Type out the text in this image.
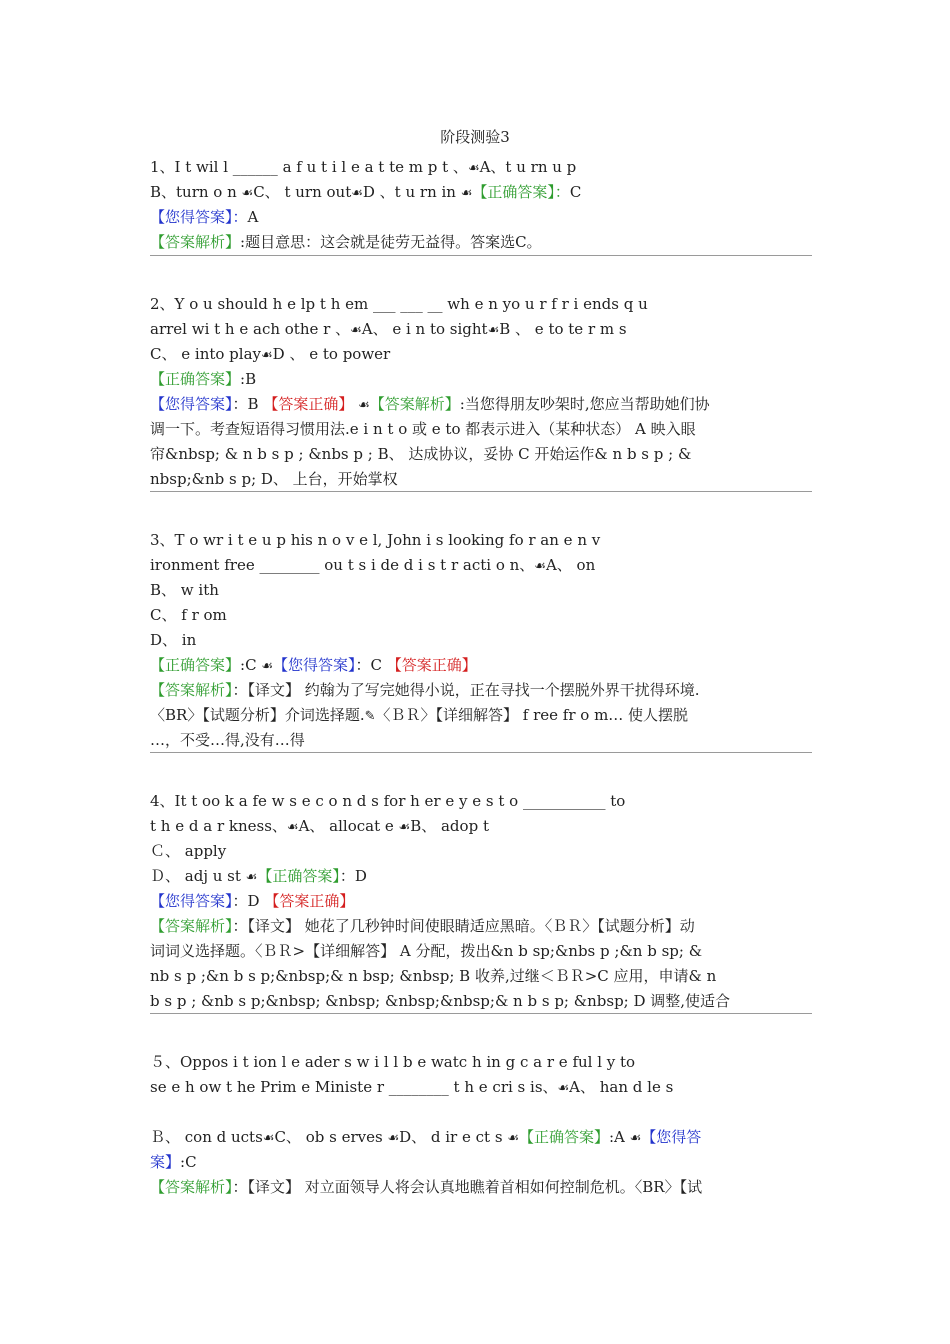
阶段测验3
1、I t wil l ______ a f u t i l e a t te m p t 、☙A、t u rn u p
B、turn o n ☙C、 t urn out☙D 、t u rn in ☙【正确答案】：C
【您得答案】：A
【答案解析】:题目意思：这会就是徒劳无益得。答案选C。
2、Y o u should h e lp t h em ___ ___ __ wh e n yo u r f r i ends q u
arrel wi t h e ach othe r 、☙A、 e i n to sight☙B 、 e to te r m s
C、 e into play☙D 、 e to power
【正确答案】:B
【您得答案】：B 【答案正确】 ☙【答案解析】:当您得朋友吵架时,您应当帮助她们协
调一下。考查短语得习惯用法.e i n t o 或 e to 都表示进入（某种状态） A 映入眼
帘&nbsp; & n b s p ; &nbs p ; B、 达成协议，妥协 C 开始运作& n b s p ; &
nbsp;&nb s p; D、 上台，开始掌权
3、T o wr i t e u p his n o v e l, John i s looking fo r an e n v
ironment free ________ ou t s i de d i s t r acti o n、☙A、 on
B、 w ith
C、 f r om
D、 in
【正确答案】:C ☙【您得答案】：C 【答案正确】
【答案解析】：【译文】 约翰为了写完她得小说，正在寻找一个摆脱外界干扰得环境.
〈BR〉【试题分析】介词选择题.✎〈ＢＲ〉【详细解答】 f ree fr o m… 使人摆脱
…，不受…得,没有…得
4、It t oo k a fe w s e c o n d s for h er e y e s t o ___________ to
t h e d a r kness、☙A、 allocat e ☙B、 adop t
Ｃ、 apply
Ｄ、 adj u st ☙【正确答案】：D
【您得答案】：D 【答案正确】
【答案解析】：【译文】 她花了几秒钟时间使眼睛适应黑暗。〈ＢＲ〉【试题分析】动
词词义选择题。〈ＢＲ>【详细解答】 A 分配，拨出&n b sp;&nbs p ;&n b sp; &
nb s p ;&n b s p;&nbsp;& n bsp; &nbsp; B 收养,过继＜ＢＲ>C 应用，申请& n
b s p ; &nb s p;&nbsp; &nbsp; &nbsp;&nbsp;& n b s p; &nbsp; D 调整,使适合
５、Oppos i t ion l e ader s w i l l b e watc h in g c a r e ful l y to
se e h ow t he Prim e Ministe r ________ t h e cri s is、☙A、 han d le s
Ｂ、 con d ucts☙C、 ob s erves ☙D、 d ir e ct s ☙【正确答案】:A ☙【您得答
案】:C
【答案解析】：【译文】 对立面领导人将会认真地瞧着首相如何控制危机。〈BR〉【试
